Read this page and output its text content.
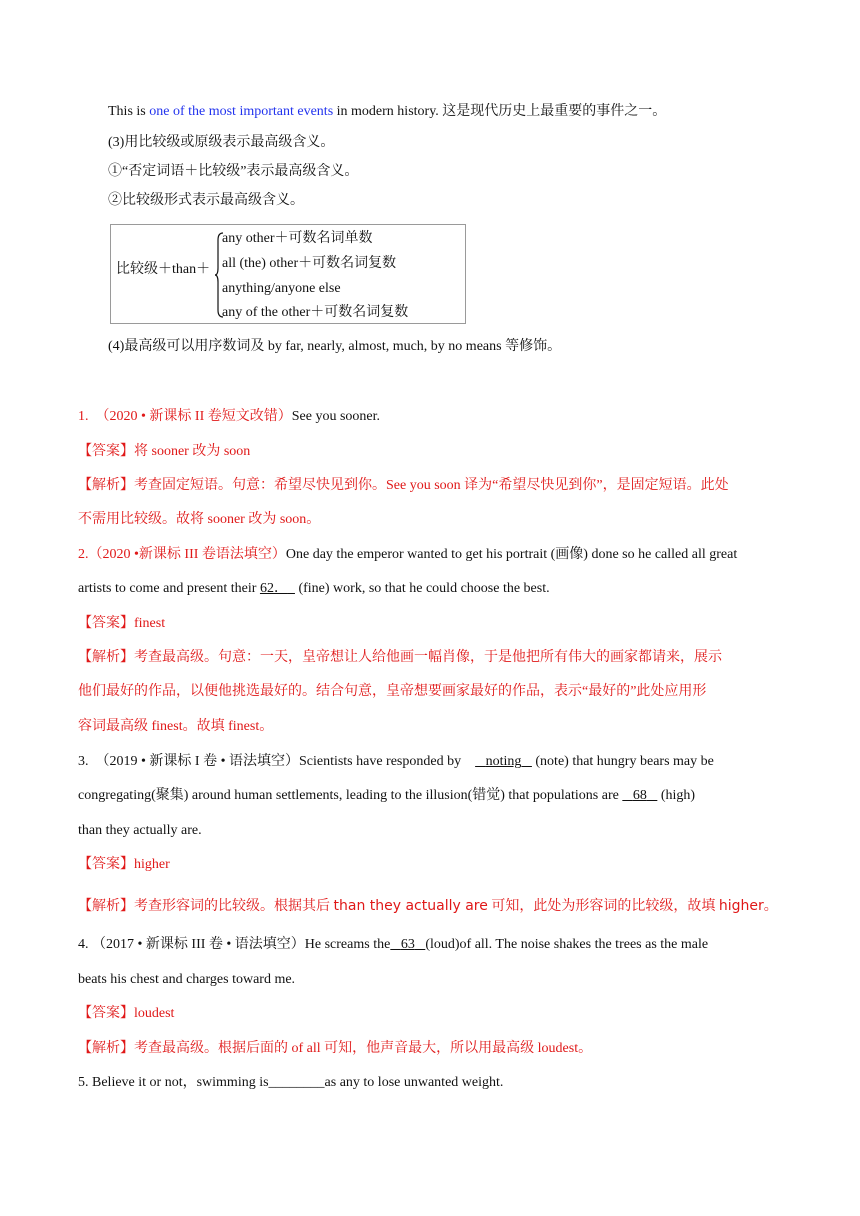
This is one of the most important events in modern history. 这是现代历史上最重要的事件之一。
(3)用比较级或原级表示最高级含义。
①“否定词语＋比较级”表示最高级含义。
②比较级形式表示最高级含义。
比较级＋than＋
any other＋可数名词单数
all (the) other＋可数名词复数
anything/anyone else
any of the other＋可数名词复数
(4)最高级可以用序数词及 by far, nearly, almost, much, by no means 等修饰。
1.　（2020 • 新课标 II 卷短文改错）See you sooner.
【答案】将 sooner 改为 soon
【解析】考查固定短语。句意：希望尽快见到你。See you soon 译为“希望尽快见到你”，是固定短语。此处
不需用比较级。故将 sooner 改为 soon。
2.（2020 •新课标 III 卷语法填空）One day the emperor wanted to get his portrait (画像) done so he called all great
artists to come and present their 62．   (fine) work, so that he could choose the best.
【答案】finest
【解析】考查最高级。句意：一天，皇帝想让人给他画一幅肖像，于是他把所有伟大的画家都请来，展示
他们最好的作品，以便他挑选最好的。结合句意，皇帝想要画家最好的作品，表示“最好的”此处应用形
容词最高级 finest。故填 finest。
3.　（2019 • 新课标 I 卷 • 语法填空）Scientists have responded by　   noting    (note) that hungry bears may be
congregating(聚集) around human settlements, leading to the illusion(错觉) that populations are    68    (high)
than they actually are.
【答案】higher
【解析】考查形容词的比较级。根据其后 than they actually are 可知，此处为形容词的比较级，故填 higher。
4. （2017 • 新课标 III 卷 • 语法填空）He screams the 63 (loud)of all. The noise shakes the trees as the male
beats his chest and charges toward me.
【答案】loudest
【解析】考查最高级。根据后面的 of all 可知，他声音最大，所以用最高级 loudest。
5. Believe it or not，swimming is________as any to lose unwanted weight.
